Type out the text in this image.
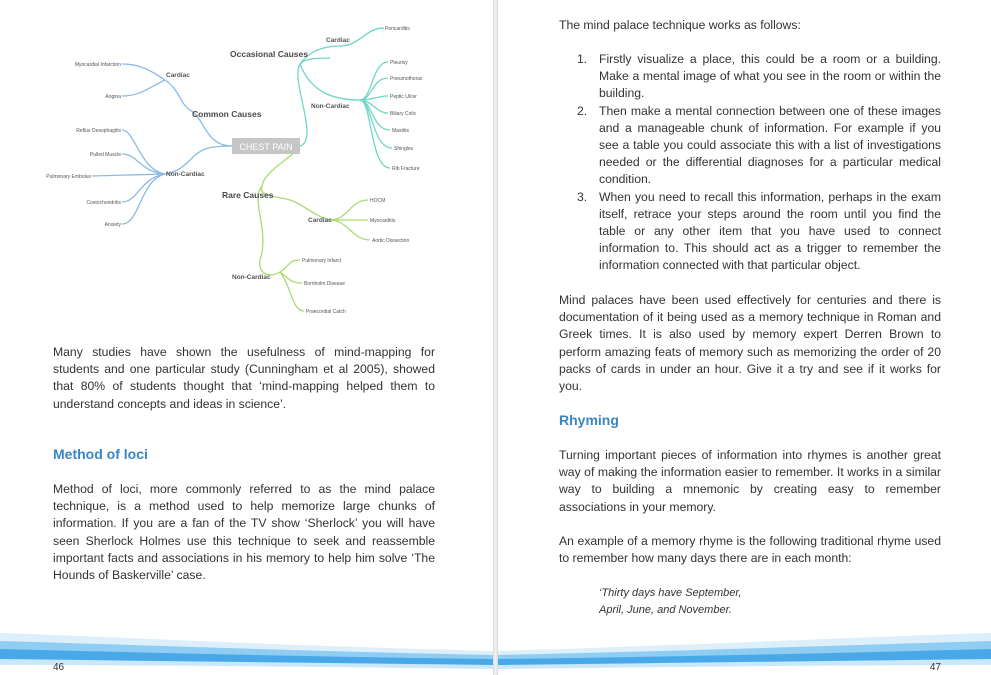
CHEST PAIN
Common Causes
Occasional Causes
Rare Causes
Cardiac
Non-Cardiac
Cardiac
Non-Cardiac
Cardiac
Non-Cardiac
Myocardial Infarction
Angina
Reflux Oesophagitis
Pulled Muscle
Pulmonary Embolus
Costochondritis
Anxiety
Pericarditis
Pleurisy
Pneumothorax
Peptic Ulcer
Biliary Colic
Mastitis
Shingles
Rib Fracture
HOCM
Myocarditis
Aortic Dissection
Pulmonary Infarct
Bornholm Disease
Praecordial Catch

Many studies have shown the usefulness of mind-mapping for students and one particular study (Cunningham et al 2005), showed that 80% of students thought that ‘mind-mapping helped them to understand concepts and ideas in science’.

Method of loci

Method of loci, more commonly referred to as the mind palace technique, is a method used to help memorize large chunks of information. If you are a fan of the TV show ‘Sherlock’ you will have seen Sherlock Holmes use this technique to seek and reassemble important facts and associations in his memory to help him solve ‘The Hounds of Baskerville’ case.

46

The mind palace technique works as follows:

1. Firstly visualize a place, this could be a room or a building. Make a mental image of what you see in the room or within the building.
2. Then make a mental connection between one of these images and a manageable chunk of information. For example if you see a table you could associate this with a list of investigations needed or the differential diagnoses for a particular medical condition.
3. When you need to recall this information, perhaps in the exam itself, retrace your steps around the room until you find the table or any other item that you have used to connect information to. This should act as a trigger to remember the information connected with that particular object.

Mind palaces have been used effectively for centuries and there is documentation of it being used as a memory technique in Roman and Greek times. It is also used by memory expert Derren Brown to perform amazing feats of memory such as memorizing the order of 20 packs of cards in under an hour. Give it a try and see if it works for you.

Rhyming

Turning important pieces of information into rhymes is another great way of making the information easier to remember. It works in a similar way to building a mnemonic by creating easy to remember associations in your memory.

An example of a memory rhyme is the following traditional rhyme used to remember how many days there are in each month:

‘Thirty days have September,

April, June, and November.

47
